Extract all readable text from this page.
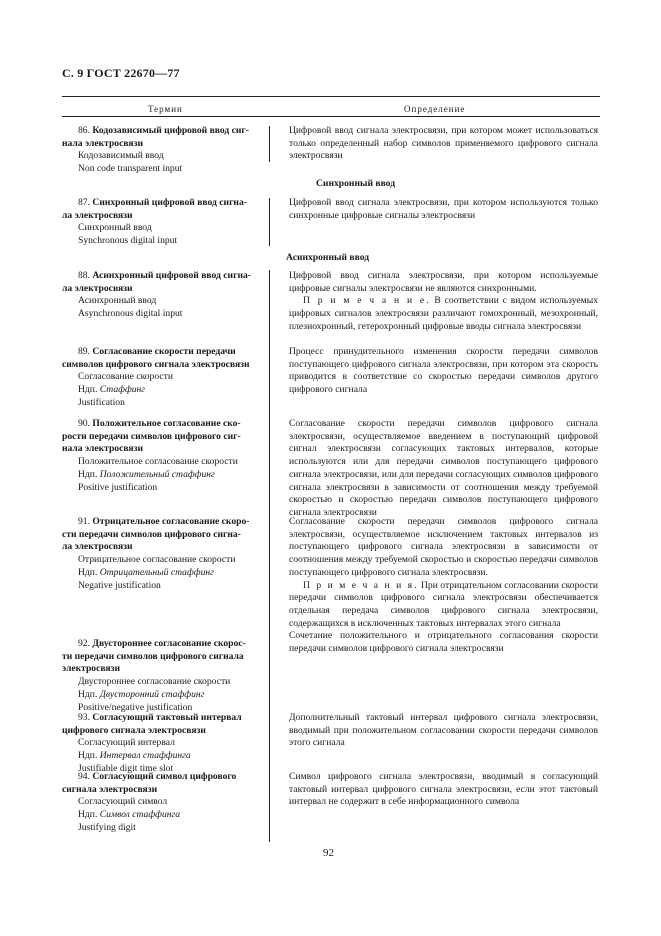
С. 9 ГОСТ 22670—77
Термин	Определение
86. Кодозависимый цифровой ввод сиг-
нала электросвязи
Кодозависимый ввод
Non code transparent input
Цифровой ввод сигнала электросвязи, при котором может использоваться только определенный набор символов применяемого цифрового сигнала электросвязи
Синхронный ввод
87. Синхронный цифровой ввод сигна-
ла электросвязи
Синхронный ввод
Synchronous digital input
Цифровой ввод сигнала электросвязи, при котором используются только синхронные цифровые сигналы электросвязи
Асинхронный ввод
88. Асинхронный цифровой ввод сигна-
ла электросвязи
Асинхронный ввод
Asynchronous digital input
Цифровой ввод сигнала электросвязи, при котором используемые цифровые сигналы электросвязи не являются синхронными.
П р и м е ч а н и е. В соответствии с видом используемых цифровых сигналов электросвязи различают гомохронный, мезохронный, плезиохронный, гетерохронный цифровые вводы сигнала электросвязи
89. Согласование скорости передачи
символов цифрового сигнала электросвязи
Согласование скорости
Ндп. Стаффинг
Justification
Процесс принудительного изменения скорости передачи символов поступающего цифрового сигнала электросвязи, при котором эта скорость приводится в соответствие со скоростью передачи символов другого цифрового сигнала
90. Положительное согласование ско-
рости передачи символов цифрового сиг-
нала электросвязи
Положительное согласование скорости
Ндп. Положительный стаффинг
Positive justification
Согласование скорости передачи символов цифрового сигнала электросвязи, осуществляемое введением в поступающий цифровой сигнал электросвязи согласующих тактовых интервалов, которые используются или для передачи символов поступающего цифрового сигнала электросвязи, или для передачи согласующих символов цифрового сигнала электросвязи в зависимости от соотношения между требуемой скоростью и скоростью передачи символов поступающего цифрового сигнала электросвязи
91. Отрицательное согласование скоро-
сти передачи символов цифрового сигна-
ла электросвязи
Отрицательное согласование скорости
Ндп. Отрицательный стаффинг
Negative justification
Согласование скорости передачи символов цифрового сигнала электросвязи, осуществляемое исключением тактовых интервалов из поступающего цифрового сигнала электросвязи в зависимости от соотношения между требуемой скоростью и скоростью передачи символов поступающего цифрового сигнала электросвязи.
П р и м е ч а н и я. При отрицательном согласовании скорости передачи символов цифрового сигнала электросвязи обеспечивается отдельная передача символов цифрового сигнала электросвязи, содержащихся в исключенных тактовых интервалах этого сигнала
Сочетание положительного и отрицательного согласования скорости передачи символов цифрового сигнала электросвязи
92. Двустороннее согласование скорос-
ти передачи символов цифрового сигнала
электросвязи
Двустороннее согласование скорости
Ндп. Двусторонний стаффинг
Positive/negative justification
93. Согласующий тактовый интервал
цифрового сигнала электросвязи
Согласующий интервал
Ндп. Интервал стаффинга
Justifiable digit time slot
Дополнительный тактовый интервал цифрового сигнала электросвязи, вводимый при положительном согласовании скорости передачи символов этого сигнала
94. Согласующий символ цифрового
сигнала электросвязи
Согласующий символ
Ндп. Символ стаффинга
Justifying digit
Символ цифрового сигнала электросвязи, вводимый в согласующий тактовый интервал цифрового сигнала электросвязи, если этот тактовый интервал не содержит в себе информационного символа
92
